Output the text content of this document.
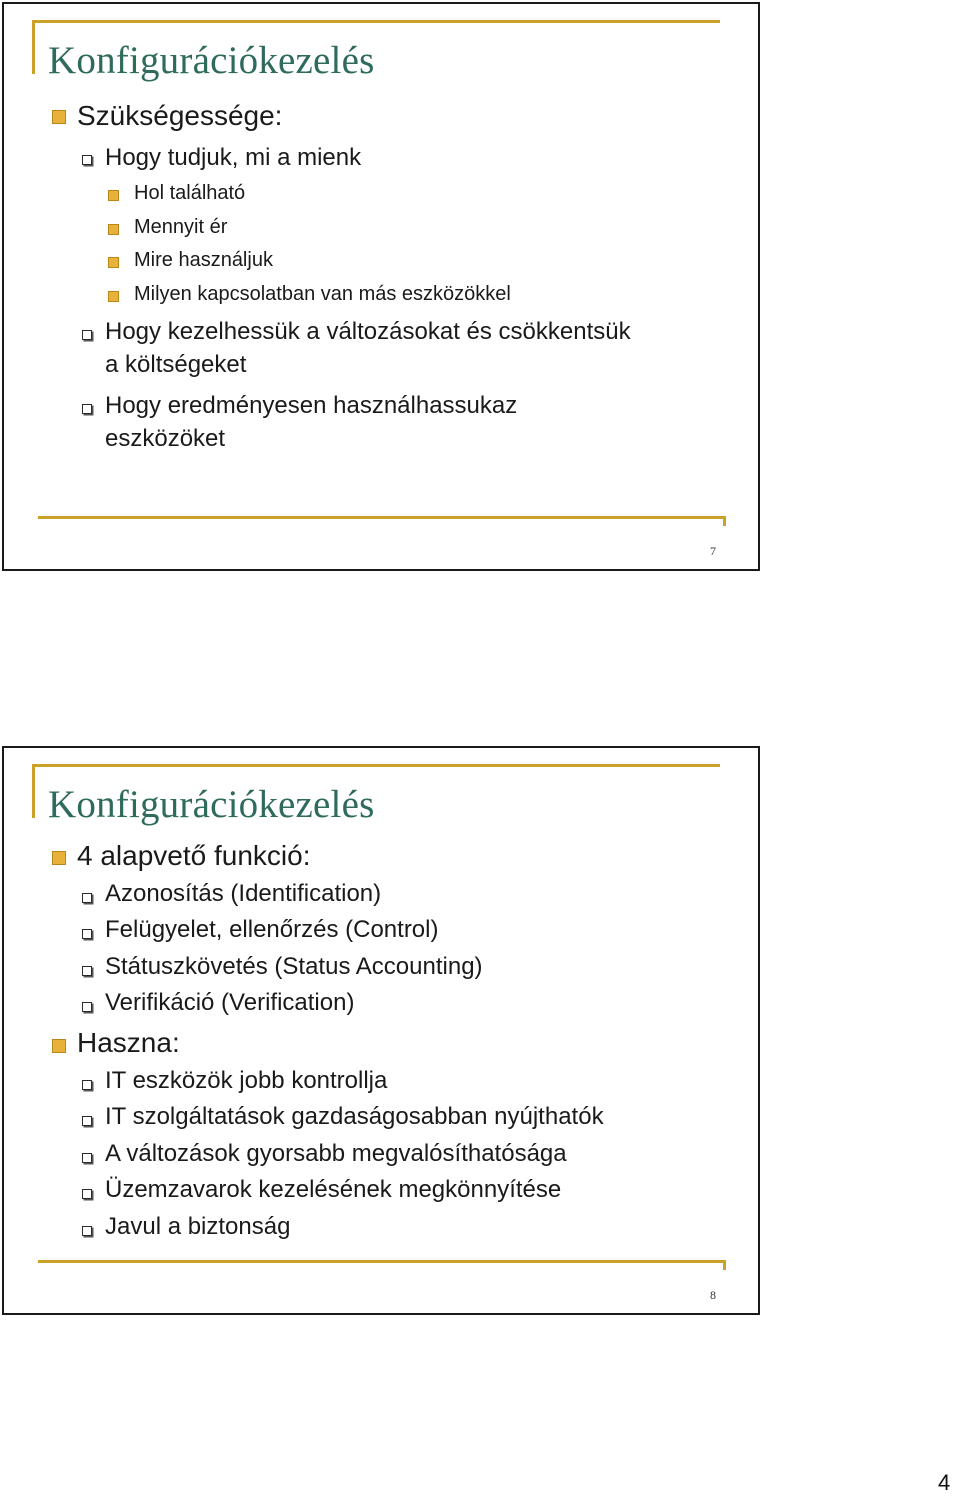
Konfigurációkezelés
Szükségessége:
Hogy tudjuk, mi a mienk
Hol található
Mennyit ér
Mire használjuk
Milyen kapcsolatban van más eszközökkel
Hogy kezelhessük a változásokat és csökkentsük
a költségeket
Hogy eredményesen használhassukaz
eszközöket
7
Konfigurációkezelés
4 alapvető funkció:
Azonosítás (Identification)
Felügyelet, ellenőrzés (Control)
Státuszkövetés (Status Accounting)
Verifikáció (Verification)
Haszna:
IT eszközök jobb kontrollja
IT szolgáltatások gazdaságosabban nyújthatók
A változások gyorsabb megvalósíthatósága
Üzemzavarok kezelésének megkönnyítése
Javul a biztonság
8
4
